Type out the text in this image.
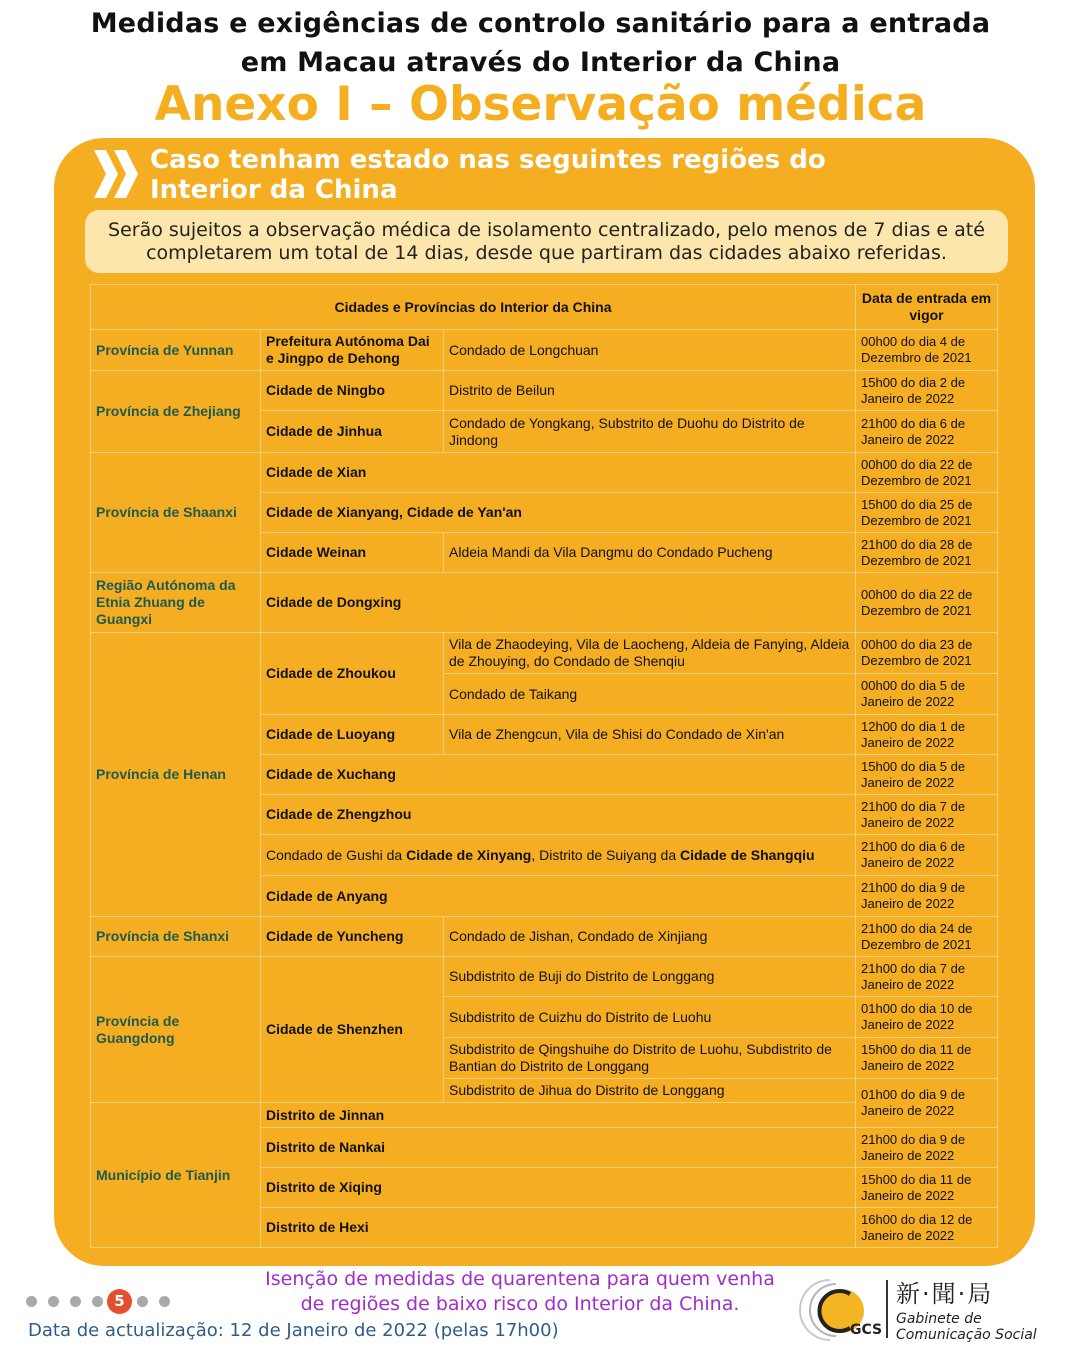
Medidas e exigências de controlo sanitário para a entrada
em Macau através do Interior da China
Anexo I – Observação médica
Caso tenham estado nas seguintes regiões do
Interior da China
Serão sujeitos a observação médica de isolamento centralizado, pelo menos de 7 dias e até
completarem um total de 14 dias, desde que partiram das cidades abaixo referidas.
Cidades e Províncias do Interior da China			Data de entrada em vigor
Província de Yunnan	Prefeitura Autónoma Dai e Jingpo de Dehong	Condado de Longchuan	00h00 do dia 4 de Dezembro de 2021
Província de Zhejiang	Cidade de Ningbo	Distrito de Beilun	15h00 do dia 2 de Janeiro de 2022
	Cidade de Jinhua	Condado de Yongkang, Substrito de Duohu do Distrito de Jindong	21h00 do dia 6 de Janeiro de 2022
Província de Shaanxi	Cidade de Xian		00h00 do dia 22 de Dezembro de 2021
	Cidade de Xianyang, Cidade de Yan'an		15h00 do dia 25 de Dezembro de 2021
	Cidade Weinan	Aldeia Mandi da Vila Dangmu do Condado Pucheng	21h00 do dia 28 de Dezembro de 2021
Região Autónoma da Etnia Zhuang de Guangxi	Cidade de Dongxing		00h00 do dia 22 de Dezembro de 2021
Província de Henan	Cidade de Zhoukou	Vila de Zhaodeying, Vila de Laocheng, Aldeia de Fanying, Aldeia de Zhouying, do Condado de Shenqiu	00h00 do dia 23 de Dezembro de 2021
		Condado de Taikang	00h00 do dia 5 de Janeiro de 2022
	Cidade de Luoyang	Vila de Zhengcun, Vila de Shisi do Condado de Xin'an	12h00 do dia 1 de Janeiro de 2022
	Cidade de Xuchang		15h00 do dia 5 de Janeiro de 2022
	Cidade de Zhengzhou		21h00 do dia 7 de Janeiro de 2022
	Condado de Gushi da Cidade de Xinyang, Distrito de Suiyang da Cidade de Shangqiu		21h00 do dia 6 de Janeiro de 2022
	Cidade de Anyang		21h00 do dia 9 de Janeiro de 2022
Província de Shanxi	Cidade de Yuncheng	Condado de Jishan, Condado de Xinjiang	21h00 do dia 24 de Dezembro de 2021
Província de Guangdong	Cidade de Shenzhen	Subdistrito de Buji do Distrito de Longgang	21h00 do dia 7 de Janeiro de 2022
		Subdistrito de Cuizhu do Distrito de Luohu	01h00 do dia 10 de Janeiro de 2022
		Subdistrito de Qingshuihe do Distrito de Luohu, Subdistrito de Bantian do Distrito de Longgang	15h00 do dia 11 de Janeiro de 2022
		Subdistrito de Jihua do Distrito de Longgang	01h00 do dia 9 de Janeiro de 2022
Município de Tianjin	Distrito de Jinnan		
	Distrito de Nankai		21h00 do dia 9 de Janeiro de 2022
	Distrito de Xiqing		15h00 do dia 11 de Janeiro de 2022
	Distrito de Hexi		16h00 do dia 12 de Janeiro de 2022
5
Isenção de medidas de quarentena para quem venha
de regiões de baixo risco do Interior da China.
Data de actualização: 12 de Janeiro de 2022 (pelas 17h00)	GCS
新·聞·局
Gabinete de
Comunicação Social
